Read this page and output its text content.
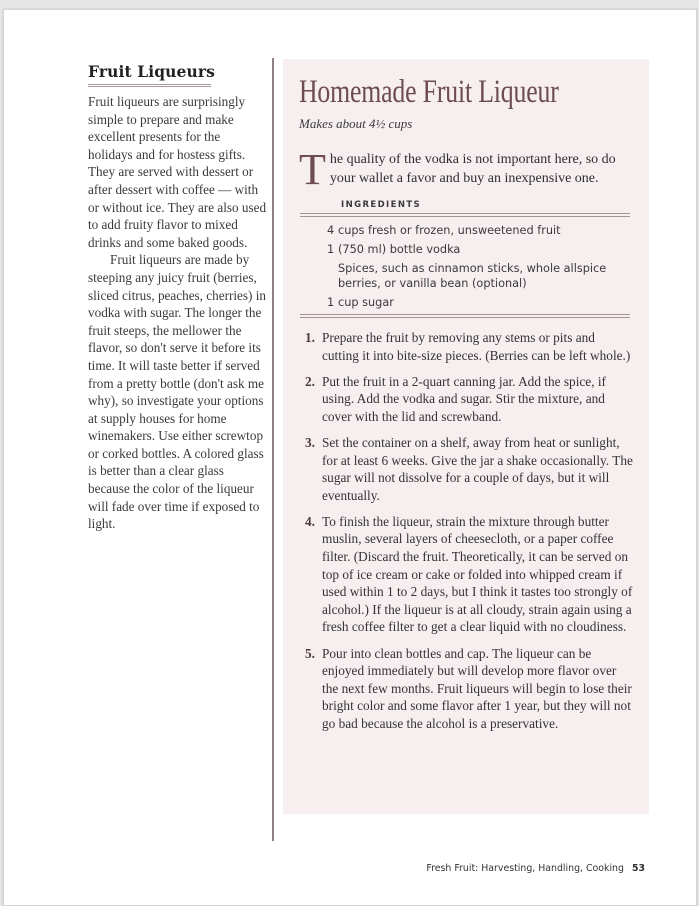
Fruit Liqueurs

Fruit liqueurs are surprisingly simple to prepare and make excellent presents for the holidays and for hostess gifts. They are served with dessert or after dessert with coffee — with or without ice. They are also used to add fruity flavor to mixed drinks and some baked goods.

Fruit liqueurs are made by steeping any juicy fruit (berries, sliced citrus, peaches, cherries) in vodka with sugar. The longer the fruit steeps, the mellower the flavor, so don't serve it before its time. It will taste better if served from a pretty bottle (don't ask me why), so investigate your options at supply houses for home winemakers. Use either screwtop or corked bottles. A colored glass is better than a clear glass because the color of the liqueur will fade over time if exposed to light.

Homemade Fruit Liqueur
Makes about 4½ cups
The quality of the vodka is not important here, so do your wallet a favor and buy an inexpensive one.
INGREDIENTS
4 cups fresh or frozen, unsweetened fruit
1 (750 ml) bottle vodka
Spices, such as cinnamon sticks, whole allspice berries, or vanilla bean (optional)
1 cup sugar
1. Prepare the fruit by removing any stems or pits and cutting it into bite-size pieces. (Berries can be left whole.)
2. Put the fruit in a 2-quart canning jar. Add the spice, if using. Add the vodka and sugar. Stir the mixture, and cover with the lid and screwband.
3. Set the container on a shelf, away from heat or sunlight, for at least 6 weeks. Give the jar a shake occasionally. The sugar will not dissolve for a couple of days, but it will eventually.
4. To finish the liqueur, strain the mixture through butter muslin, several layers of cheesecloth, or a paper coffee filter. (Discard the fruit. Theoretically, it can be served on top of ice cream or cake or folded into whipped cream if used within 1 to 2 days, but I think it tastes too strongly of alcohol.) If the liqueur is at all cloudy, strain again using a fresh coffee filter to get a clear liquid with no cloudiness.
5. Pour into clean bottles and cap. The liqueur can be enjoyed immediately but will develop more flavor over the next few months. Fruit liqueurs will begin to lose their bright color and some flavor after 1 year, but they will not go bad because the alcohol is a preservative.
Fresh Fruit: Harvesting, Handling, Cooking 53
